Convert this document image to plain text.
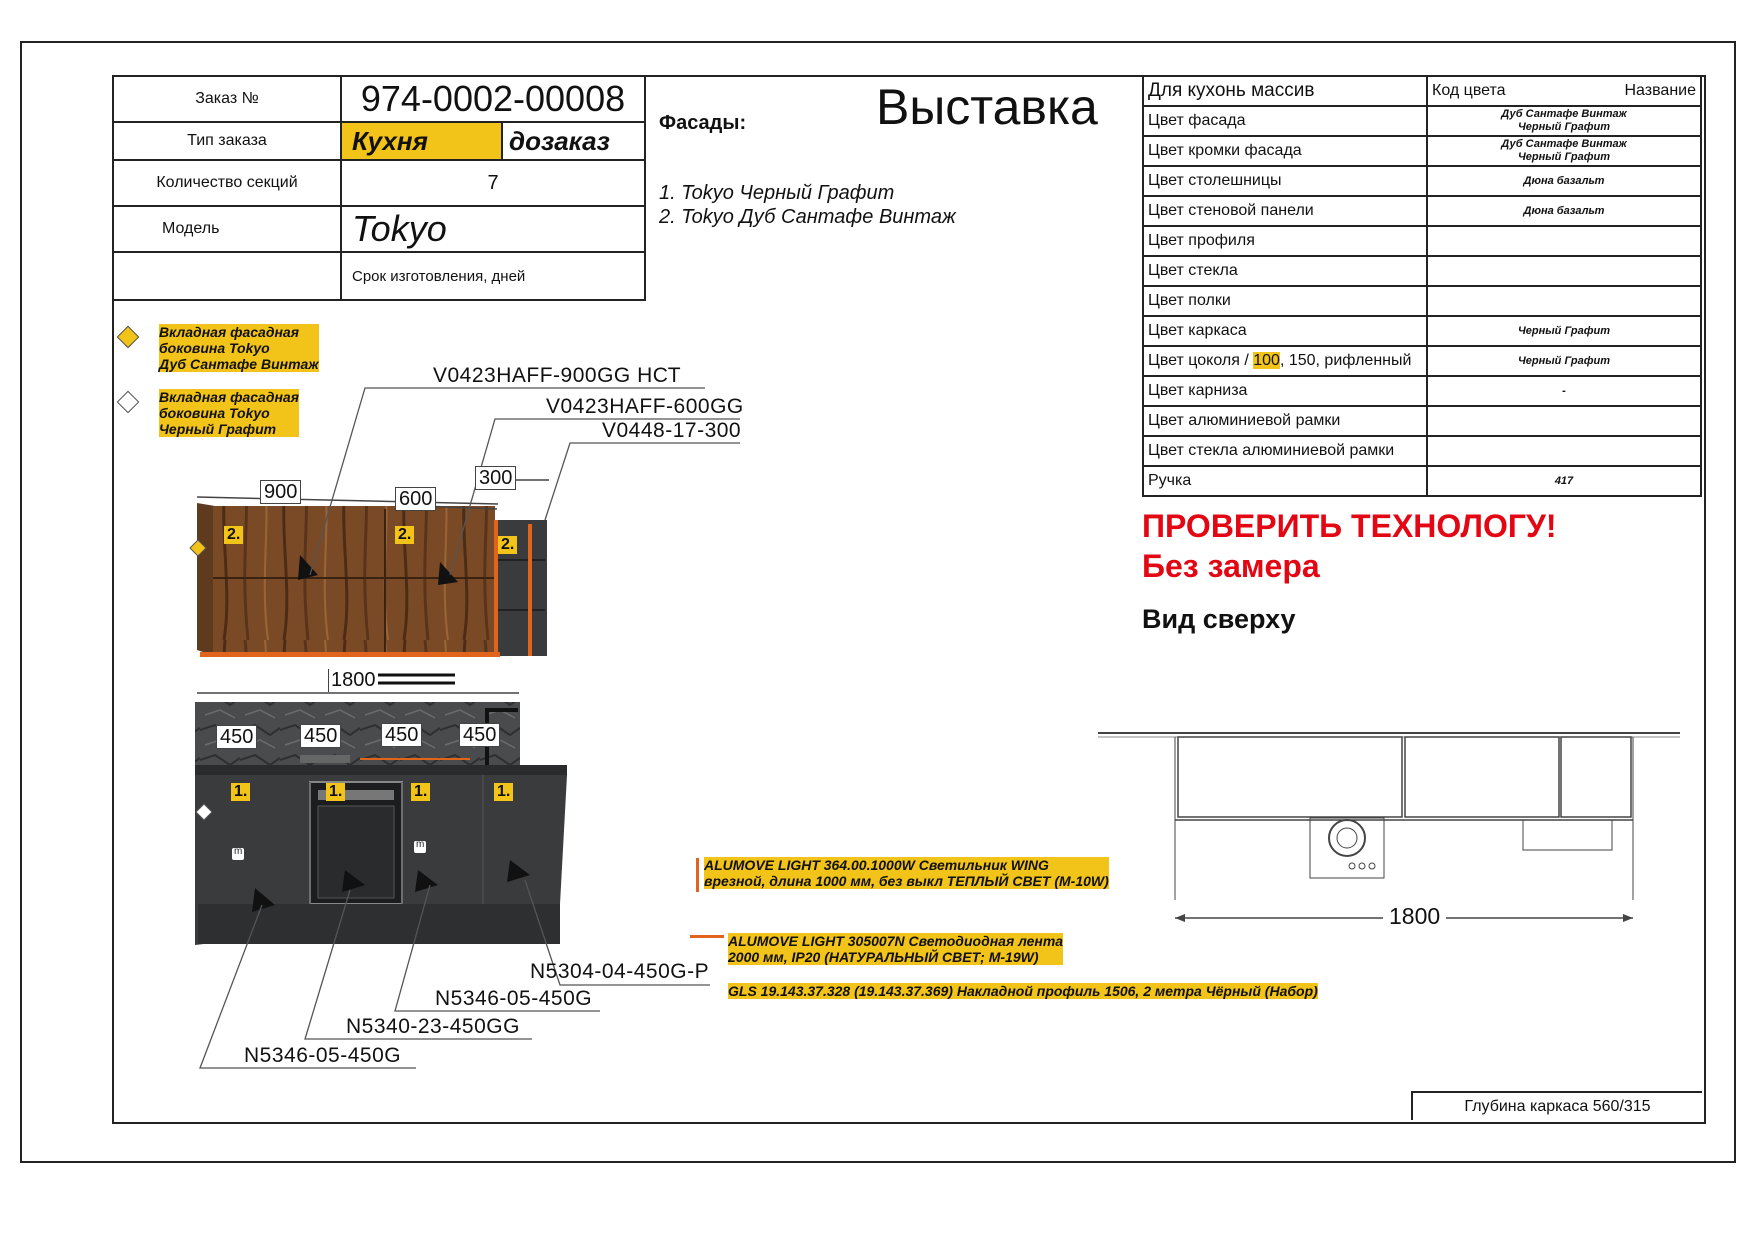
Заказ №	974-0002-00008	
Тип заказа	Кухня	дозаказ
Количество секций	7	
Модель	Tokyo	
	Срок изготовления, дней	
Фасады:	Выставка
1. Tokyo Черный Графит
2. Tokyo Дуб Сантафе Винтаж
Для кухонь массив	Код цвета Название

Цвет фасада	Дуб Сантафе Винтаж
Черный Графит
Цвет кромки фасада	Дуб Сантафе Винтаж
Черный Графит
Цвет столешницы	Дюна базальт
Цвет стеновой панели	Дюна базальт
Цвет профиля	
Цвет стекла	
Цвет полки	
Цвет каркаса	Черный Графит
Цвет цоколя / 100, 150, рифленный	Черный Графит
Цвет карниза	-
Цвет алюминиевой рамки	
Цвет стекла алюминиевой рамки	
Ручка	417
ПРОВЕРИТЬ ТЕХНОЛОГУ!
Без замера
Вид сверху
Вкладная фасадная
боковина Tokyo
Дуб Сантафе Винтаж
Вкладная фасадная
боковина Tokyo
Черный Графит
900	600
300
1800
450	450 450 450
1800
2.	2.
2.
1.	1.	1.	1.
m
m
V0423HAFF-900GG НСТ
V0423HAFF-600GG
V0448-17-300
N5304-04-450G-P
N5346-05-450G
N5340-23-450GG
N5346-05-450G
ALUMOVE LIGHT 364.00.1000W Светильник WING
врезной, длина 1000 мм, без выкл ТЕПЛЫЙ СВЕТ (М-10W)
ALUMOVE LIGHT 305007N Светодиодная лента
2000 мм, IP20 (НАТУРАЛЬНЫЙ СВЕТ; М-19W)
GLS 19.143.37.328 (19.143.37.369) Накладной профиль 1506, 2 метра Чёрный (Набор)
Глубина каркаса 560/315
